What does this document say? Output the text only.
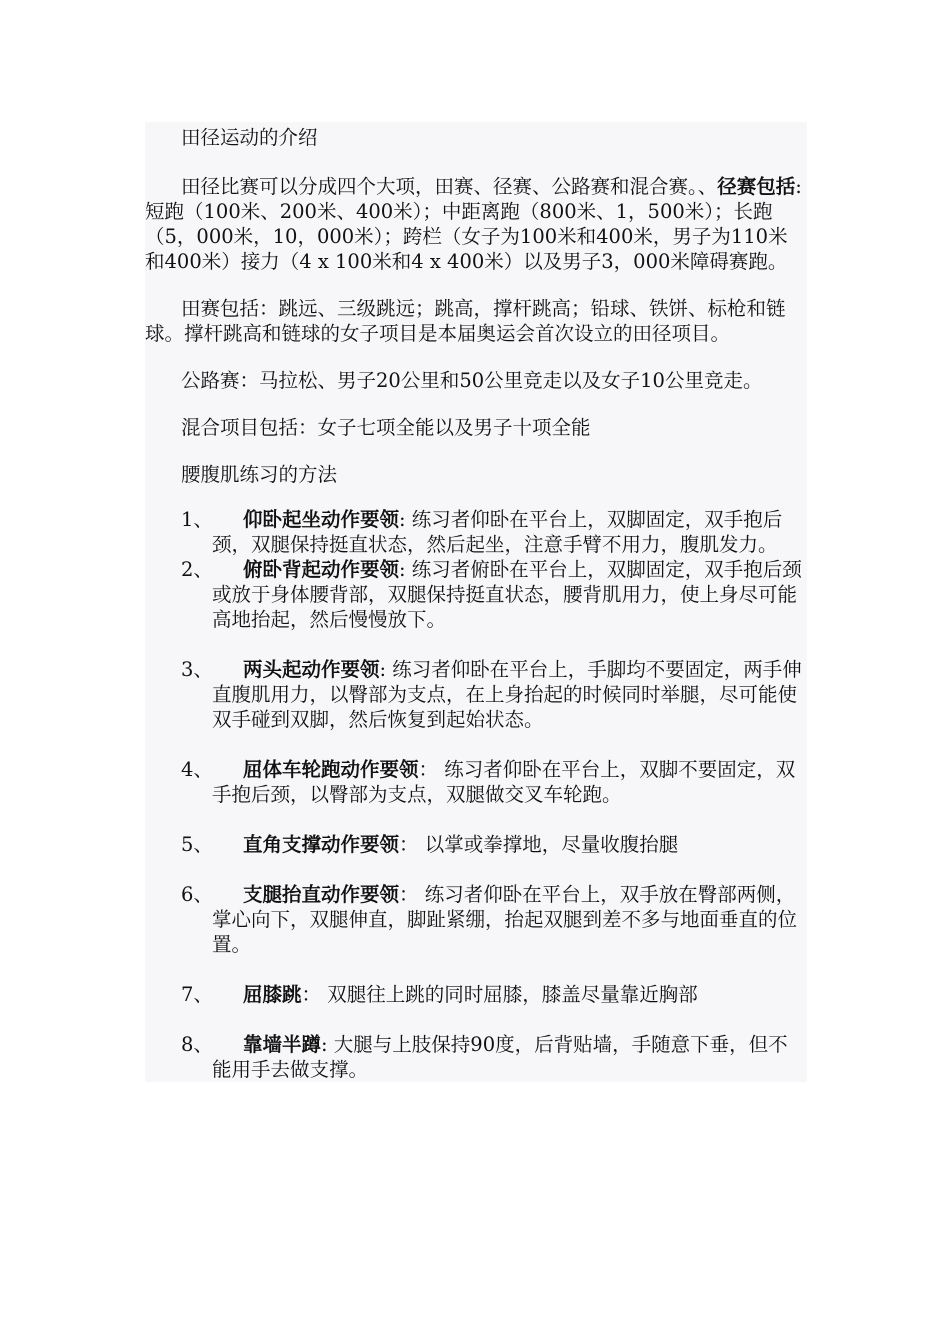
田径运动的介绍

田径比赛可以分成四个大项，田赛、径赛、公路赛和混合赛。、径赛包括: 短跑（100米、200米、400米）；中距离跑（800米、1，500米）；长跑（5，000米，10，000米）；跨栏（女子为100米和400米，男子为110米和400米）接力（4 x 100米和4 x 400米）以及男子3，000米障碍赛跑。

田赛包括：跳远、三级跳远；跳高，撑杆跳高；铅球、铁饼、标枪和链球。撑杆跳高和链球的女子项目是本届奥运会首次设立的田径项目。

公路赛：马拉松、男子20公里和50公里竞走以及女子10公里竞走。

混合项目包括：女子七项全能以及男子十项全能

腰腹肌练习的方法

1、 仰卧起坐动作要领: 练习者仰卧在平台上，双脚固定，双手抱后颈，双腿保持挺直状态，然后起坐，注意手臂不用力，腹肌发力。
2、 俯卧背起动作要领: 练习者俯卧在平台上，双脚固定，双手抱后颈或放于身体腰背部，双腿保持挺直状态，腰背肌用力，使上身尽可能高地抬起，然后慢慢放下。
3、 两头起动作要领: 练习者仰卧在平台上，手脚均不要固定，两手伸直腹肌用力，以臀部为支点，在上身抬起的时候同时举腿，尽可能使双手碰到双脚，然后恢复到起始状态。
4、 屈体车轮跑动作要领： 练习者仰卧在平台上，双脚不要固定，双手抱后颈，以臀部为支点，双腿做交叉车轮跑。
5、 直角支撑动作要领： 以掌或拳撑地，尽量收腹抬腿
6、 支腿抬直动作要领： 练习者仰卧在平台上，双手放在臀部两侧，掌心向下，双腿伸直，脚趾紧绷，抬起双腿到差不多与地面垂直的位置。
7、 屈膝跳： 双腿往上跳的同时屈膝，膝盖尽量靠近胸部
8、 靠墙半蹲: 大腿与上肢保持90度，后背贴墙，手随意下垂，但不能用手去做支撑。
